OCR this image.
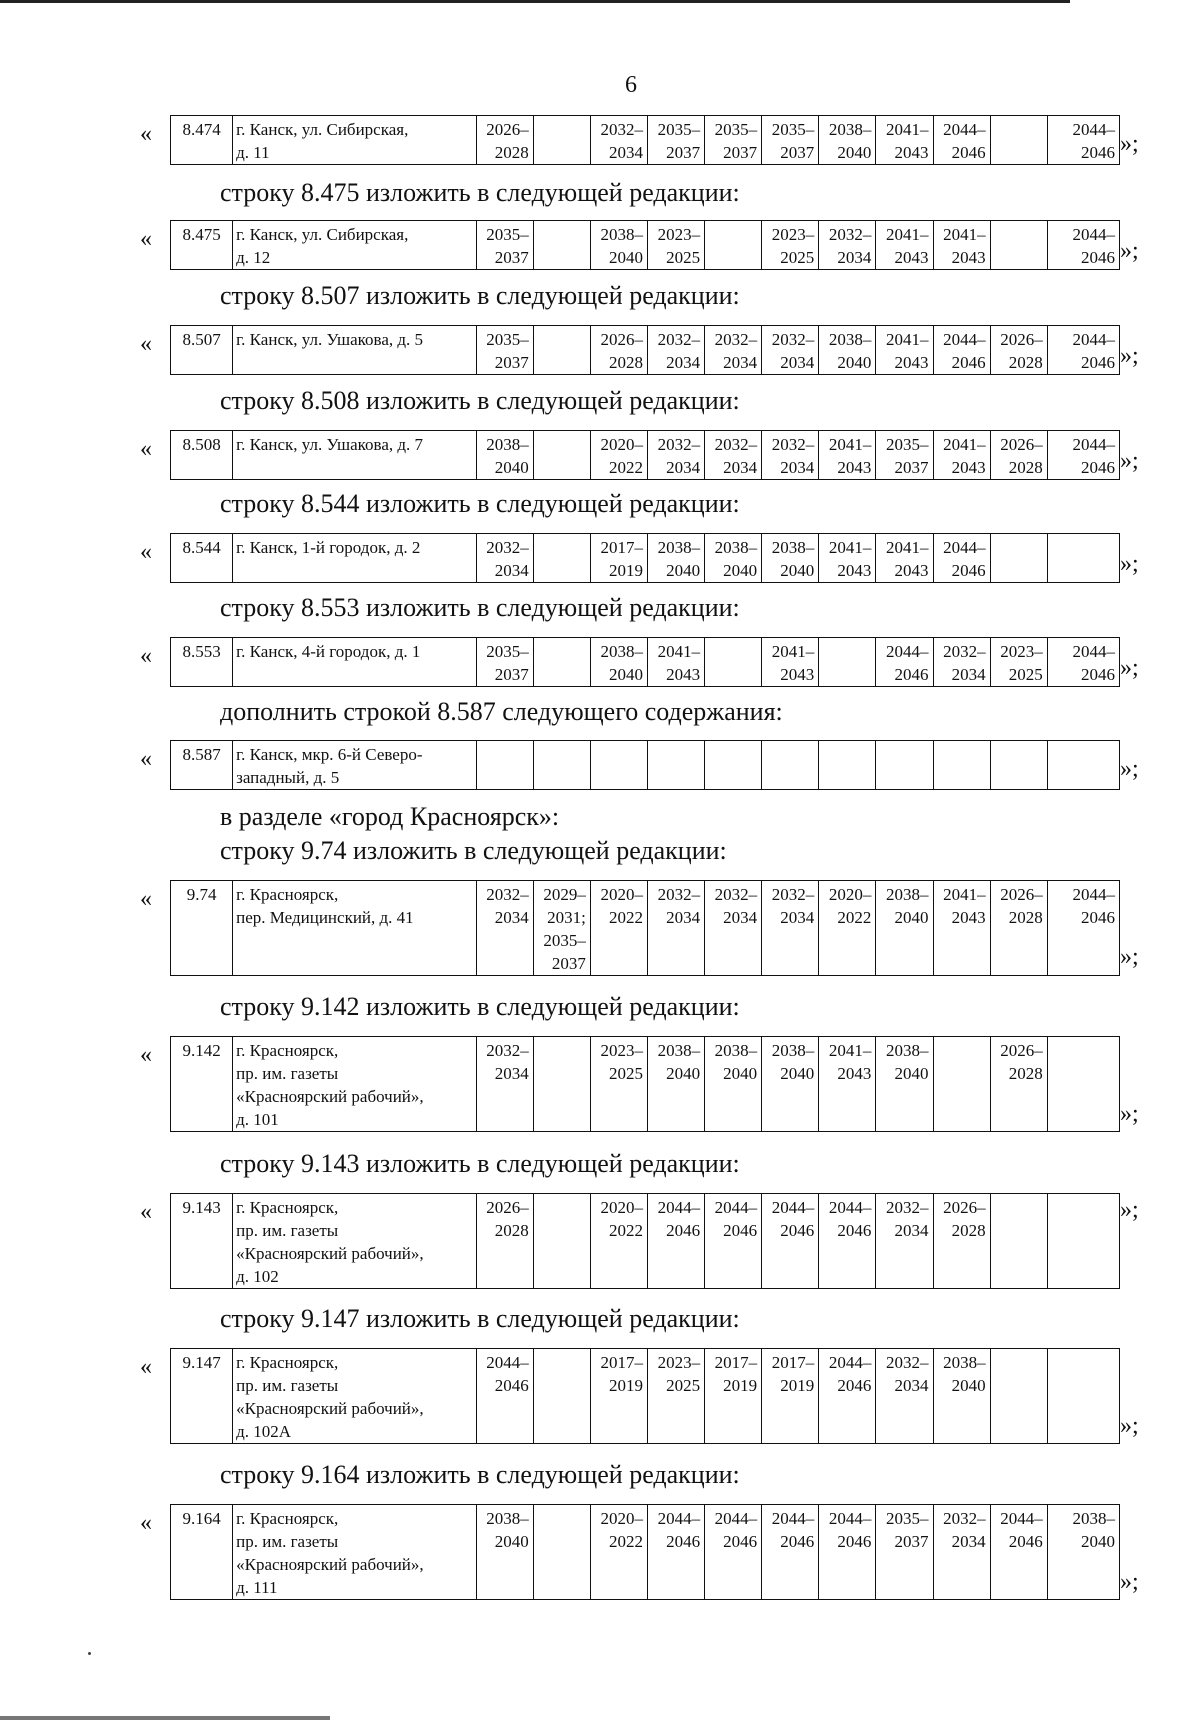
6
« 8.474	г. Канск, ул. Сибирская,
д. 11	2026–
2028		2032–
2034	2035–
2037	2035–
2037	2035–
2037	2038–
2040	2041–
2043	2044–
2046		2044–
2046 »;
строку 8.475 изложить в следующей редакции:
« 8.475	г. Канск, ул. Сибирская,
д. 12	2035–
2037		2038–
2040	2023–
2025		2023–
2025	2032–
2034	2041–
2043	2041–
2043		2044–
2046 »;
строку 8.507 изложить в следующей редакции:
« 8.507	г. Канск, ул. Ушакова, д. 5	2035–
2037		2026–
2028	2032–
2034	2032–
2034	2032–
2034	2038–
2040	2041–
2043	2044–
2046	2026–
2028	2044–
2046 »;
строку 8.508 изложить в следующей редакции:
« 8.508	г. Канск, ул. Ушакова, д. 7	2038–
2040		2020–
2022	2032–
2034	2032–
2034	2032–
2034	2041–
2043	2035–
2037	2041–
2043	2026–
2028	2044–
2046 »;
строку 8.544 изложить в следующей редакции:
« 8.544	г. Канск, 1-й городок, д. 2	2032–
2034		2017–
2019	2038–
2040	2038–
2040	2038–
2040	2041–
2043	2041–
2043	2044–
2046			»;
строку 8.553 изложить в следующей редакции:
« 8.553	г. Канск, 4-й городок, д. 1	2035–
2037		2038–
2040	2041–
2043		2041–
2043		2044–
2046	2032–
2034	2023–
2025	2044–
2046 »;
дополнить строкой 8.587 следующего содержания:
« 8.587	г. Канск, мкр. 6-й Северо-
западный, д. 5												»;
в разделе «город Красноярск»:
строку 9.74 изложить в следующей редакции:
« 9.74	г. Красноярск,
пер. Медицинский, д. 41	2032–
2034	2029–
2031;
2035–
2037	2020–
2022	2032–
2034	2032–
2034	2032–
2034	2020–
2022	2038–
2040	2041–
2043	2026–
2028	2044–
2046
»;
строку 9.142 изложить в следующей редакции:
« 9.142	г. Красноярск,
пр. им. газеты
«Красноярский рабочий»,
д. 101	2032–
2034		2023–
2025	2038–
2040	2038–
2040	2038–
2040	2041–
2043	2038–
2040		2026–
2028	
»;
строку 9.143 изложить в следующей редакции:
« 9.143	г. Красноярск,
пр. им. газеты
«Красноярский рабочий»,
д. 102	2026–
2028		2020–
2022	2044–
2046	2044–
2046	2044–
2046	2044–
2046	2032–
2034	2026–
2028		
»;
строку 9.147 изложить в следующей редакции:
« 9.147	г. Красноярск,
пр. им. газеты
«Красноярский рабочий»,
д. 102А	2044–
2046		2017–
2019	2023–
2025	2017–
2019	2017–
2019	2044–
2046	2032–
2034	2038–
2040		
»;
строку 9.164 изложить в следующей редакции:
« 9.164	г. Красноярск,
пр. им. газеты
«Красноярский рабочий»,
д. 111	2038–
2040		2020–
2022	2044–
2046	2044–
2046	2044–
2046	2044–
2046	2035–
2037	2032–
2034	2044–
2046	2038–
2040
»;
